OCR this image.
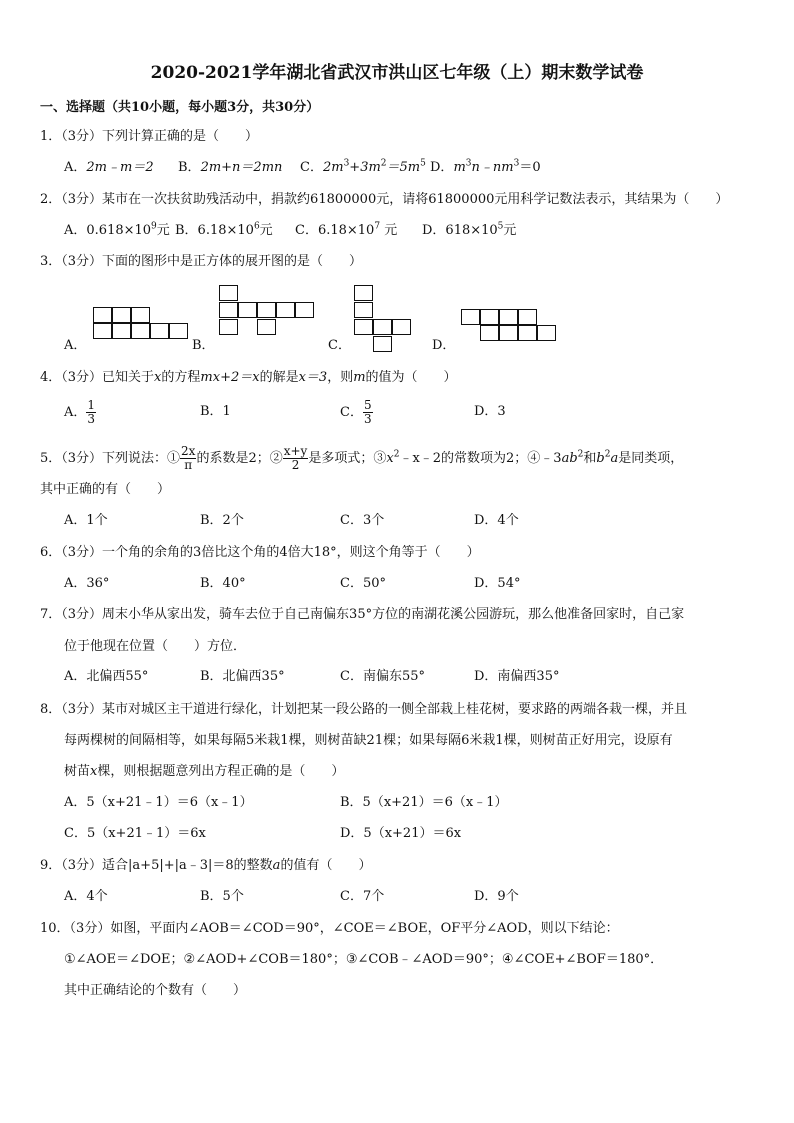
2020-2021学年湖北省武汉市洪山区七年级（上）期末数学试卷
一、选择题（共10小题，每小题3分，共30分）
1．（3分）下列计算正确的是（　　）
A．2m﹣m＝2 B．2m+n＝2mn C．$2m^3+3m^2=5m^5$ D．$m^3n﹣nm^3=0$
2．（3分）某市在一次扶贫助残活动中，捐款约61800000元，请将61800000元用科学记数法表示，其结果为（　　）
A．$0.618\times 10^9$元 B．$6.18\times 10^6$元 C．$6.18\times 10^7$ 元 D．$618\times 10^5$元
3．（3分）下面的图形中是正方体的展开图的是（　　）
A．	B．	C．	D．
4．（3分）已知关于x的方程mx+2＝x的解是x＝3，则m的值为（　　）
A． $\frac{1}{3}$	B．1	C． $\frac{5}{3}$	D．3
5．（3分）下列说法：① $\frac{2x}{\pi}$ 的系数是2；② $\frac{x+y}{2}$ 是多项式；$③x^2﹣x﹣2$的常数项为2；$④﹣3ab^2$和$b^2a$是同类项，
其中正确的有（　　）
A．1个	B．2个	C．3个	D．4个
6．（3分）一个角的余角的3倍比这个角的4倍大18°，则这个角等于（　　）
A．36°	B．40°	C．50°	D．54°
7．（3分）周末小华从家出发，骑车去位于自己南偏东35°方位的南湖花溪公园游玩，那么他准备回家时，自己家
位于他现在位置（　　）方位．
A．北偏西55°	B．北偏西35°	C．南偏东55°	D．南偏西35°
8．（3分）某市对城区主干道进行绿化，计划把某一段公路的一侧全部栽上桂花树，要求路的两端各栽一棵，并且
每两棵树的间隔相等，如果每隔5米栽1棵，则树苗缺21棵；如果每隔6米栽1棵，则树苗正好用完，设原有
树苗x棵，则根据题意列出方程正确的是（　　）
A．5（x+21﹣1）＝6（x﹣1）	B．5（x+21）＝6（x﹣1）
C．5（x+21﹣1）＝6x	D．5（x+21）＝6x
9．（3分）适合|a+5|+|a﹣3|＝8的整数a的值有（　　）
A．4个	B．5个	C．7个	D．9个
10．（3分）如图，平面内∠AOB＝∠COD＝90°，∠COE＝∠BOE，OF平分∠AOD，则以下结论：
①∠AOE＝∠DOE；②∠AOD+∠COB＝180°；③∠COB﹣∠AOD＝90°；④∠COE+∠BOF＝180°．
其中正确结论的个数有（　　）
